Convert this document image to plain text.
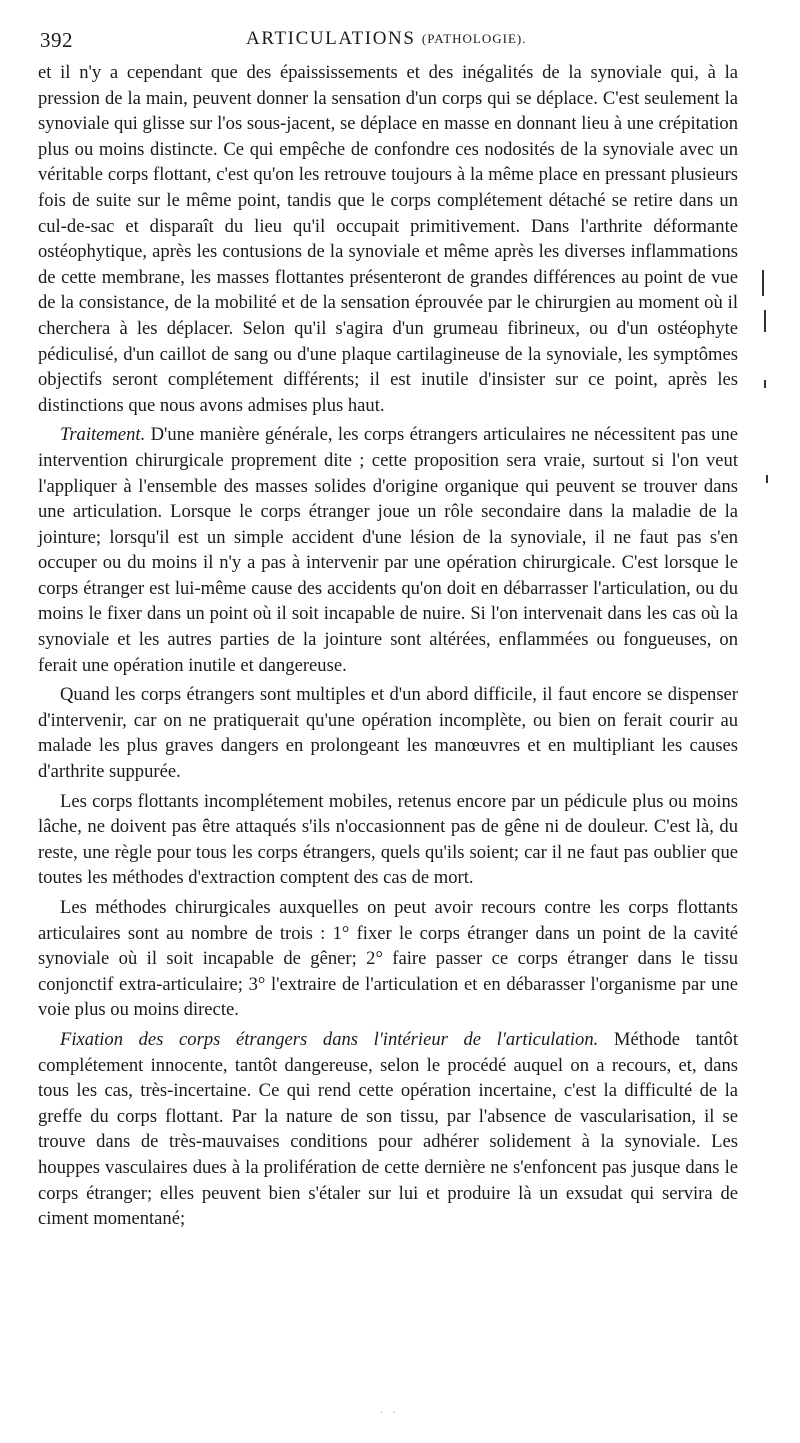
392	ARTICULATIONS (PATHOLOGIE).

et il n'y a cependant que des épaississements et des inégalités de la synoviale qui, à la pression de la main, peuvent donner la sensation d'un corps qui se déplace. C'est seulement la synoviale qui glisse sur l'os sous-jacent, se déplace en masse en donnant lieu à une crépitation plus ou moins distincte. Ce qui empêche de confondre ces nodosités de la synoviale avec un véritable corps flottant, c'est qu'on les retrouve toujours à la même place en pressant plusieurs fois de suite sur le même point, tandis que le corps complétement détaché se retire dans un cul-de-sac et disparaît du lieu qu'il occupait primitivement. Dans l'arthrite déformante ostéophytique, après les contusions de la synoviale et même après les diverses inflammations de cette membrane, les masses flottantes présenteront de grandes différences au point de vue de la consistance, de la mobilité et de la sensation éprouvée par le chirurgien au moment où il cherchera à les déplacer. Selon qu'il s'agira d'un grumeau fibrineux, ou d'un ostéophyte pédiculisé, d'un caillot de sang ou d'une plaque cartilagineuse de la synoviale, les symptômes objectifs seront complétement différents; il est inutile d'insister sur ce point, après les distinctions que nous avons admises plus haut.

Traitement. D'une manière générale, les corps étrangers articulaires ne nécessitent pas une intervention chirurgicale proprement dite ; cette proposition sera vraie, surtout si l'on veut l'appliquer à l'ensemble des masses solides d'origine organique qui peuvent se trouver dans une articulation. Lorsque le corps étranger joue un rôle secondaire dans la maladie de la jointure; lorsqu'il est un simple accident d'une lésion de la synoviale, il ne faut pas s'en occuper ou du moins il n'y a pas à intervenir par une opération chirurgicale. C'est lorsque le corps étranger est lui-même cause des accidents qu'on doit en débarrasser l'articulation, ou du moins le fixer dans un point où il soit incapable de nuire. Si l'on intervenait dans les cas où la synoviale et les autres parties de la jointure sont altérées, enflammées ou fongueuses, on ferait une opération inutile et dangereuse.

Quand les corps étrangers sont multiples et d'un abord difficile, il faut encore se dispenser d'intervenir, car on ne pratiquerait qu'une opération incomplète, ou bien on ferait courir au malade les plus graves dangers en prolongeant les manœuvres et en multipliant les causes d'arthrite suppurée.

Les corps flottants incomplétement mobiles, retenus encore par un pédicule plus ou moins lâche, ne doivent pas être attaqués s'ils n'occasionnent pas de gêne ni de douleur. C'est là, du reste, une règle pour tous les corps étrangers, quels qu'ils soient; car il ne faut pas oublier que toutes les méthodes d'extraction comptent des cas de mort.

Les méthodes chirurgicales auxquelles on peut avoir recours contre les corps flottants articulaires sont au nombre de trois : 1° fixer le corps étranger dans un point de la cavité synoviale où il soit incapable de gêner; 2° faire passer ce corps étranger dans le tissu conjonctif extra-articulaire; 3° l'extraire de l'articulation et en débarasser l'organisme par une voie plus ou moins directe.

Fixation des corps étrangers dans l'intérieur de l'articulation. Méthode tantôt complétement innocente, tantôt dangereuse, selon le procédé auquel on a recours, et, dans tous les cas, très-incertaine. Ce qui rend cette opération incertaine, c'est la difficulté de la greffe du corps flottant. Par la nature de son tissu, par l'absence de vascularisation, il se trouve dans de très-mauvaises conditions pour adhérer solidement à la synoviale. Les houppes vasculaires dues à la prolifération de cette dernière ne s'enfoncent pas jusque dans le corps étranger; elles peuvent bien s'étaler sur lui et produire là un exsudat qui servira de ciment momentané;

· ·
